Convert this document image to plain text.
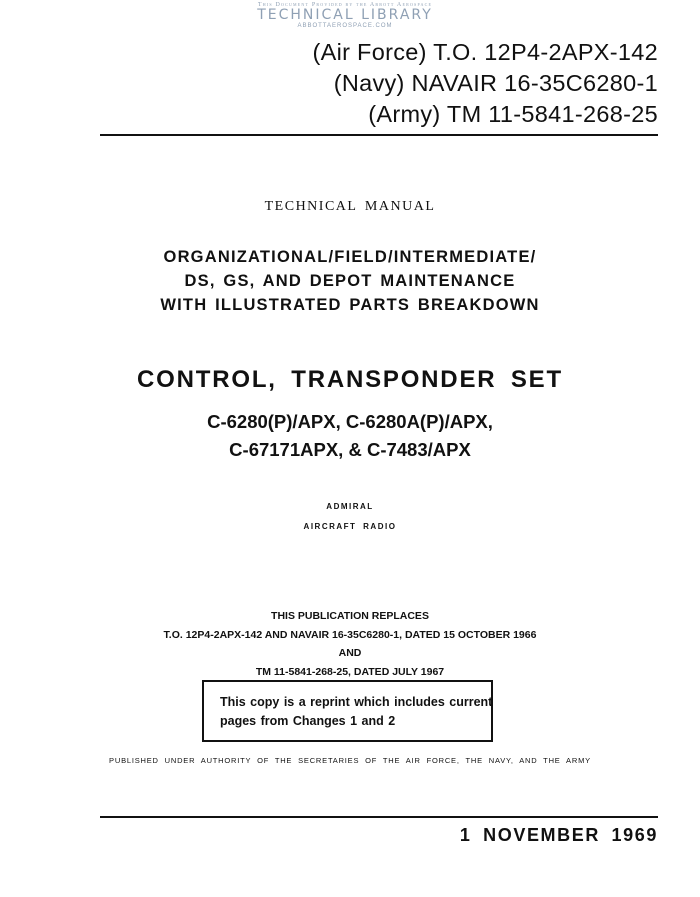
This Document Provided by the Abbott Aerospace
TECHNICAL LIBRARY
ABBOTTAEROSPACE.COM
(Air Force) T.O. 12P4-2APX-142
(Navy) NAVAIR 16-35C6280-1
(Army) TM 11-5841-268-25
TECHNICAL MANUAL
ORGANIZATIONAL/FIELD/INTERMEDIATE/
DS, GS, AND DEPOT MAINTENANCE
WITH ILLUSTRATED PARTS BREAKDOWN
CONTROL, TRANSPONDER SET
C-6280(P)/APX, C-6280A(P)/APX,
C-67171APX, & C-7483/APX
ADMIRAL
AIRCRAFT RADIO
THIS PUBLICATION REPLACES
T.O. 12P4-2APX-142 AND NAVAIR 16-35C6280-1, DATED 15 OCTOBER 1966
AND
TM 11-5841-268-25, DATED JULY 1967
This copy is a reprint which includes current
pages from Changes 1 and 2
PUBLISHED UNDER AUTHORITY OF THE SECRETARIES OF THE AIR FORCE, THE NAVY, AND THE ARMY
1 NOVEMBER 1969
